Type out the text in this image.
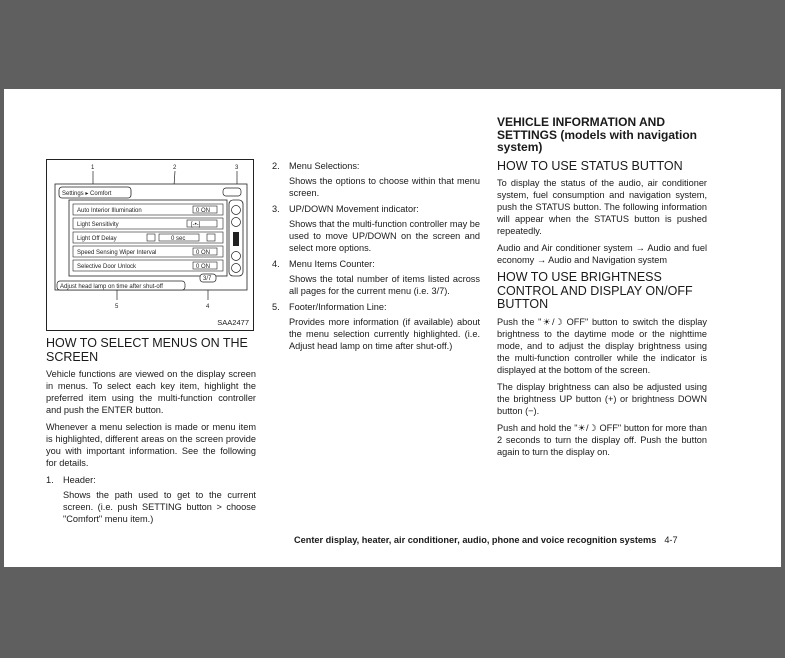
1	2	3
4
5
Settings ▸ Comfort
Auto Interior Illumination	0 ON
Light Sensitivity	[-•-]
Light Off Delay	0 sec
Speed Sensing Wiper Interval	0 ON
Selective Door Unlock	0 ON
3/7
Adjust head lamp on time after shut-off
SAA2477
HOW TO SELECT MENUS ON THE SCREEN

Vehicle functions are viewed on the display screen in menus. To select each key item, highlight the preferred item using the multi-function controller and push the ENTER button.

Whenever a menu selection is made or menu item is highlighted, different areas on the screen provide you with important information. See the following for details.

1. Header:
Shows the path used to get to the current screen. (i.e. push SETTING button > choose "Comfort" menu item.)
2. Menu Selections:
Shows the options to choose within that menu screen.
3. UP/DOWN Movement indicator:
Shows that the multi-function controller may be used to move UP/DOWN on the screen and select more options.
4. Menu Items Counter:
Shows the total number of items listed across all pages for the current menu (i.e. 3/7).
5. Footer/Information Line:
Provides more information (if available) about the menu selection currently highlighted. (i.e. Adjust head lamp on time after shut-off.)
VEHICLE INFORMATION AND SETTINGS (models with navigation system)
HOW TO USE STATUS BUTTON

To display the status of the audio, air conditioner system, fuel consumption and navigation system, push the STATUS button. The following information will appear when the STATUS button is pushed repeatedly.

Audio and Air conditioner system → Audio and fuel economy → Audio and Navigation system

HOW TO USE BRIGHTNESS CONTROL AND DISPLAY ON/OFF BUTTON

Push the "☀/☽ OFF" button to switch the display brightness to the daytime mode or the nighttime mode, and to adjust the display brightness using the multi-function controller while the indicator is displayed at the bottom of the screen.

The display brightness can also be adjusted using the brightness UP button (+) or brightness DOWN button (−).

Push and hold the "☀/☽ OFF" button for more than 2 seconds to turn the display off. Push the button again to turn the display on.

Center display, heater, air conditioner, audio, phone and voice recognition systems 4-7
